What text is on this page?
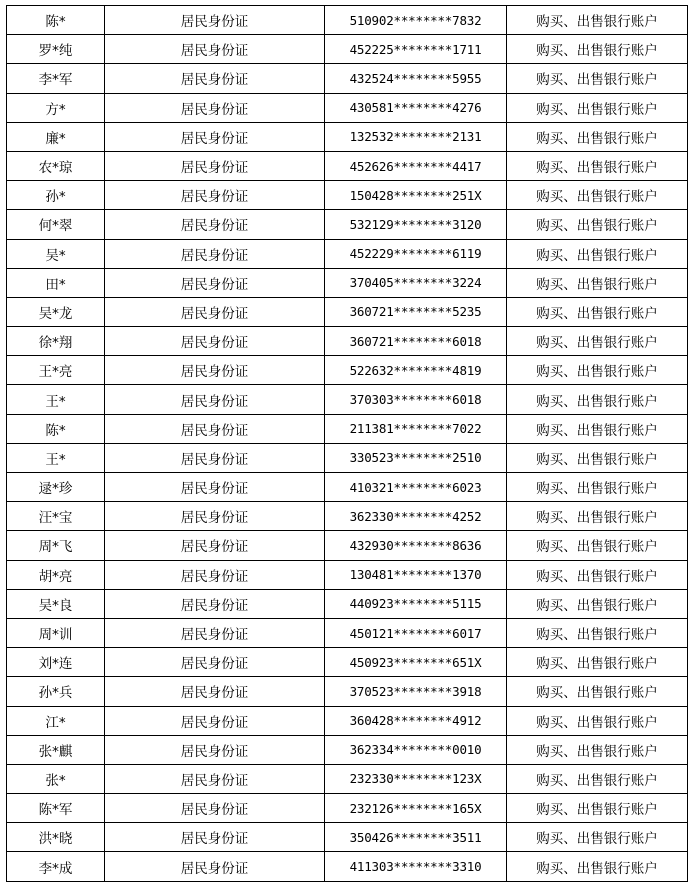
陈*	居民身份证	510902********7832	购买、出售银行账户
罗*纯	居民身份证	452225********1711	购买、出售银行账户
李*军	居民身份证	432524********5955	购买、出售银行账户
方*	居民身份证	430581********4276	购买、出售银行账户
廉*	居民身份证	132532********2131	购买、出售银行账户
农*琼	居民身份证	452626********4417	购买、出售银行账户
孙*	居民身份证	150428********251X	购买、出售银行账户
何*翠	居民身份证	532129********3120	购买、出售银行账户
吴*	居民身份证	452229********6119	购买、出售银行账户
田*	居民身份证	370405********3224	购买、出售银行账户
吴*龙	居民身份证	360721********5235	购买、出售银行账户
徐*翔	居民身份证	360721********6018	购买、出售银行账户
王*亮	居民身份证	522632********4819	购买、出售银行账户
王*	居民身份证	370303********6018	购买、出售银行账户
陈*	居民身份证	211381********7022	购买、出售银行账户
王*	居民身份证	330523********2510	购买、出售银行账户
逯*珍	居民身份证	410321********6023	购买、出售银行账户
汪*宝	居民身份证	362330********4252	购买、出售银行账户
周*飞	居民身份证	432930********8636	购买、出售银行账户
胡*亮	居民身份证	130481********1370	购买、出售银行账户
吴*良	居民身份证	440923********5115	购买、出售银行账户
周*训	居民身份证	450121********6017	购买、出售银行账户
刘*连	居民身份证	450923********651X	购买、出售银行账户
孙*兵	居民身份证	370523********3918	购买、出售银行账户
江*	居民身份证	360428********4912	购买、出售银行账户
张*麒	居民身份证	362334********0010	购买、出售银行账户
张*	居民身份证	232330********123X	购买、出售银行账户
陈*军	居民身份证	232126********165X	购买、出售银行账户
洪*晓	居民身份证	350426********3511	购买、出售银行账户
李*成	居民身份证	411303********3310	购买、出售银行账户
